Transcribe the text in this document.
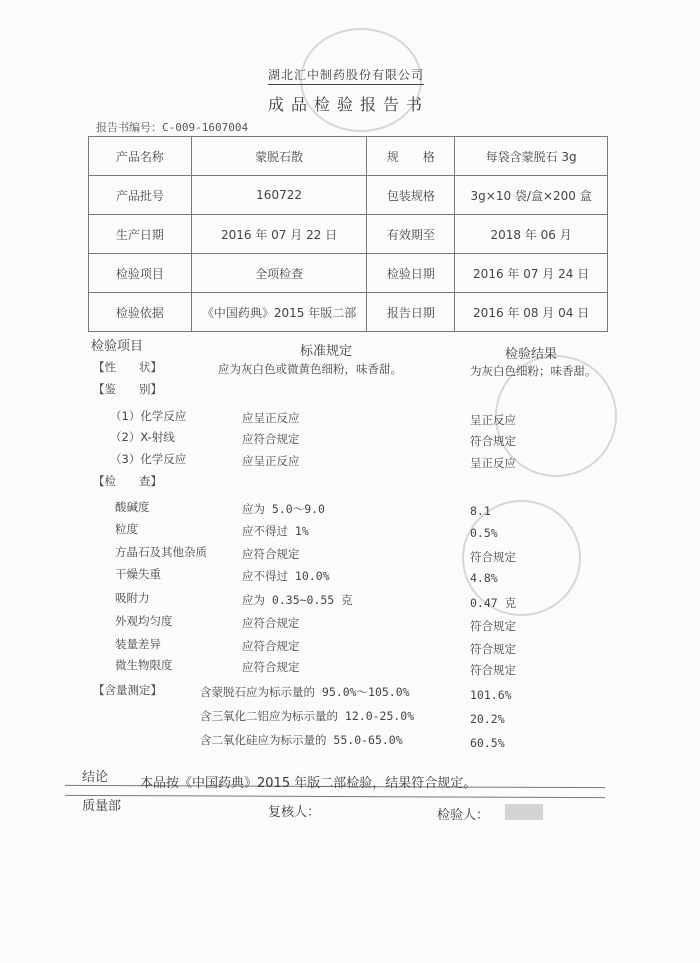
湖北汇中制药股份有限公司
成品检验报告书
报告书编号：C-009-1607004
产品名称	蒙脱石散	规　　格	每袋含蒙脱石 3g
产品批号	160722	包装规格	3g×10 袋/盒×200 盒
生产日期	2016 年 07 月 22 日	有效期至	2018 年 06 月
检验项目	全项检查	检验日期	2016 年 07 月 24 日
检验依据	《中国药典》2015 年版二部	报告日期	2016 年 08 月 04 日
检验项目	标准规定	检验结果
【性　　状】	应为灰白色或微黄色细粉，味香甜。	为灰白色细粉；味香甜。
【鉴　　别】
（1）化学反应	应呈正反应	呈正反应
（2）X-射线	应符合规定	符合规定
（3）化学反应	应呈正反应	呈正反应
【检　　查】
酸碱度	应为 5.0～9.0	8.1
粒度	应不得过 1%	0.5%
方晶石及其他杂质	应符合规定	符合规定
干燥失重	应不得过 10.0%	4.8%
吸附力	应为 0.35~0.55 克	0.47 克
外观均匀度	应符合规定	符合规定
装量差异	应符合规定	符合规定
微生物限度	应符合规定	符合规定
【含量测定】	含蒙脱石应为标示量的 95.0%～105.0%	101.6%
含三氧化二铝应为标示量的 12.0-25.0%	20.2%
含二氧化硅应为标示量的 55.0-65.0%	60.5%
结论 本品按《中国药典》2015 年版二部检验，结果符合规定。
质量部	复核人：	检验人：
